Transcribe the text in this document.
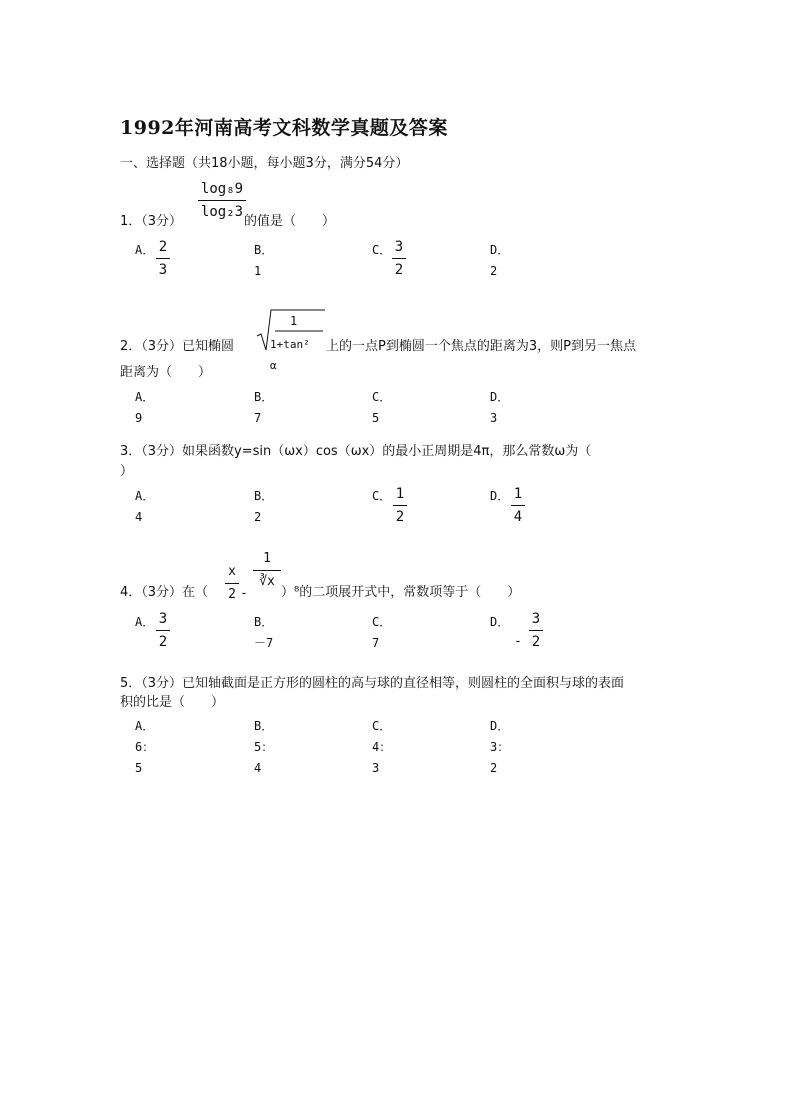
1992年河南高考文科数学真题及答案
一、选择题（共18小题，每小题3分，满分54分）
log₈9
log₂3
1．（3分）	的值是（　　）
A． 2
3
B．1
C． 3
2
D．2
2．（3分）已知椭圆
1
1+tan² α
上的一点P到椭圆一个焦点的距离为3，则P到另一焦点
距离为（　　）
A．9
B．7
C．5
D．3
3．（3分）如果函数y=sin（ωx）cos（ωx）的最小正周期是4π，那么常数ω为（
）
A．4
B．2
C． 1
2
D． 1
4
4．（3分）在（
x
2 -
1
∛x
）⁸的二项展开式中，常数项等于（　　）
A． 3
2
B．－7
C．7
D．
-
3
2
5．（3分）已知轴截面是正方形的圆柱的高与球的直径相等，则圆柱的全面积与球的表面
积的比是（　　）
A．6：5
B．5：4
C．4：3
D．3：2
